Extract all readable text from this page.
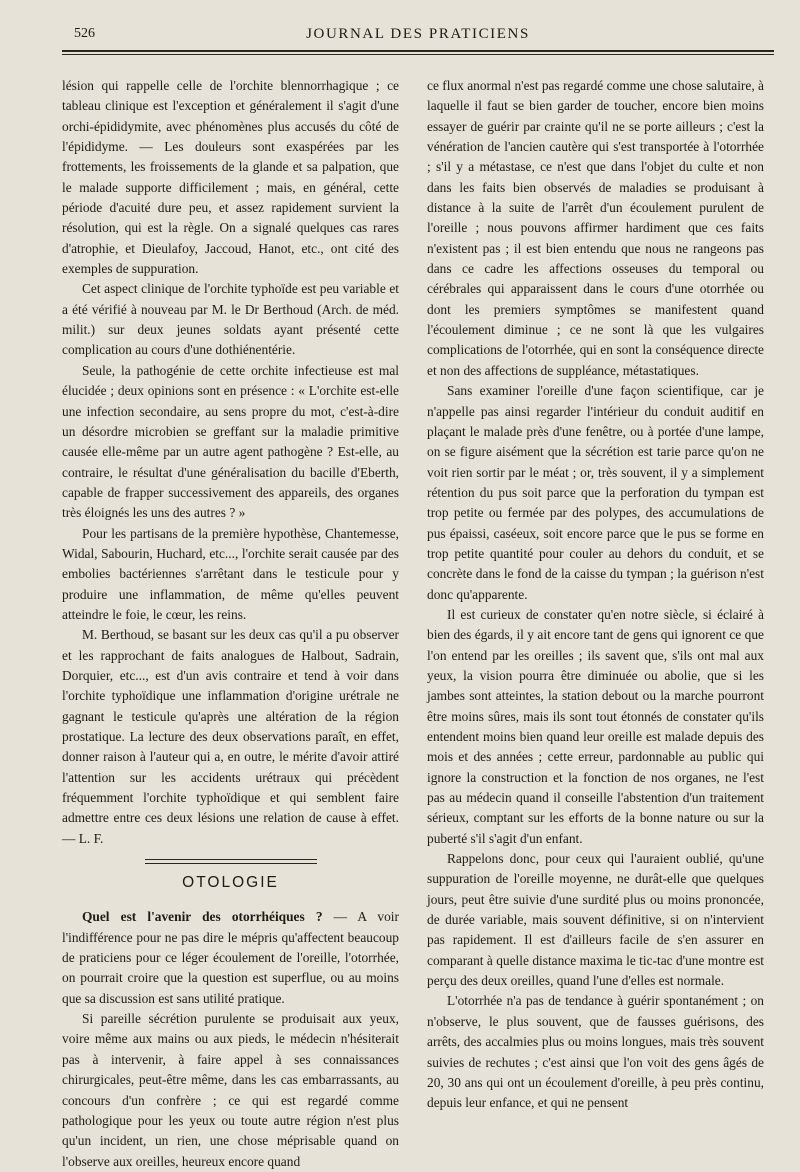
526	JOURNAL DES PRATICIENS

lésion qui rappelle celle de l'orchite blennorrhagique ; ce tableau clinique est l'exception et généralement il s'agit d'une orchi-épididymite, avec phénomènes plus accusés du côté de l'épididyme. — Les douleurs sont exaspérées par les frottements, les froissements de la glande et sa palpation, que le malade supporte difficilement ; mais, en général, cette période d'acuité dure peu, et assez rapidement survient la résolution, qui est la règle. On a signalé quelques cas rares d'atrophie, et Dieulafoy, Jaccoud, Hanot, etc., ont cité des exemples de suppuration.

Cet aspect clinique de l'orchite typhoïde est peu variable et a été vérifié à nouveau par M. le Dr Berthoud (Arch. de méd. milit.) sur deux jeunes soldats ayant présenté cette complication au cours d'une dothiénentérie.

Seule, la pathogénie de cette orchite infectieuse est mal élucidée ; deux opinions sont en présence : « L'orchite est-elle une infection secondaire, au sens propre du mot, c'est-à-dire un désordre microbien se greffant sur la maladie primitive causée elle-même par un autre agent pathogène ? Est-elle, au contraire, le résultat d'une généralisation du bacille d'Eberth, capable de frapper successivement des appareils, des organes très éloignés les uns des autres ? »

Pour les partisans de la première hypothèse, Chantemesse, Widal, Sabourin, Huchard, etc..., l'orchite serait causée par des embolies bactériennes s'arrêtant dans le testicule pour y produire une inflammation, de même qu'elles peuvent atteindre le foie, le cœur, les reins.

M. Berthoud, se basant sur les deux cas qu'il a pu observer et les rapprochant de faits analogues de Halbout, Sadrain, Dorquier, etc..., est d'un avis contraire et tend à voir dans l'orchite typhoïdique une inflammation d'origine urétrale ne gagnant le testicule qu'après une altération de la région prostatique. La lecture des deux observations paraît, en effet, donner raison à l'auteur qui a, en outre, le mérite d'avoir attiré l'attention sur les accidents urétraux qui précèdent fréquemment l'orchite typhoïdique et qui semblent faire admettre entre ces deux lésions une relation de cause à effet. — L. F.

OTOLOGIE

Quel est l'avenir des otorrhéiques ? — A voir l'indifférence pour ne pas dire le mépris qu'affectent beaucoup de praticiens pour ce léger écoulement de l'oreille, l'otorrhée, on pourrait croire que la question est superflue, ou au moins que sa discussion est sans utilité pratique.

Si pareille sécrétion purulente se produisait aux yeux, voire même aux mains ou aux pieds, le médecin n'hésiterait pas à intervenir, à faire appel à ses connaissances chirurgicales, peut-être même, dans les cas embarrassants, au concours d'un confrère ; ce qui est regardé comme pathologique pour les yeux ou toute autre région n'est plus qu'un incident, un rien, une chose méprisable quand on l'observe aux oreilles, heureux encore quand

ce flux anormal n'est pas regardé comme une chose salutaire, à laquelle il faut se bien garder de toucher, encore bien moins essayer de guérir par crainte qu'il ne se porte ailleurs ; c'est la vénération de l'ancien cautère qui s'est transportée à l'otorrhée ; s'il y a métastase, ce n'est que dans l'objet du culte et non dans les faits bien observés de maladies se produisant à distance à la suite de l'arrêt d'un écoulement purulent de l'oreille ; nous pouvons affirmer hardiment que ces faits n'existent pas ; il est bien entendu que nous ne rangeons pas dans ce cadre les affections osseuses du temporal ou cérébrales qui apparaissent dans le cours d'une otorrhée ou dont les premiers symptômes se manifestent quand l'écoulement diminue ; ce ne sont là que les vulgaires complications de l'otorrhée, qui en sont la conséquence directe et non des affections de suppléance, métastatiques.

Sans examiner l'oreille d'une façon scientifique, car je n'appelle pas ainsi regarder l'intérieur du conduit auditif en plaçant le malade près d'une fenêtre, ou à portée d'une lampe, on se figure aisément que la sécrétion est tarie parce qu'on ne voit rien sortir par le méat ; or, très souvent, il y a simplement rétention du pus soit parce que la perforation du tympan est trop petite ou fermée par des polypes, des accumulations de pus épaissi, caséeux, soit encore parce que le pus se forme en trop petite quantité pour couler au dehors du conduit, et se concrète dans le fond de la caisse du tympan ; la guérison n'est donc qu'apparente.

Il est curieux de constater qu'en notre siècle, si éclairé à bien des égards, il y ait encore tant de gens qui ignorent ce que l'on entend par les oreilles ; ils savent que, s'ils ont mal aux yeux, la vision pourra être diminuée ou abolie, que si les jambes sont atteintes, la station debout ou la marche pourront être moins sûres, mais ils sont tout étonnés de constater qu'ils entendent moins bien quand leur oreille est malade depuis des mois et des années ; cette erreur, pardonnable au public qui ignore la construction et la fonction de nos organes, ne l'est pas au médecin quand il conseille l'abstention d'un traitement sérieux, comptant sur les efforts de la bonne nature ou sur la puberté s'il s'agit d'un enfant.

Rappelons donc, pour ceux qui l'auraient oublié, qu'une suppuration de l'oreille moyenne, ne durât-elle que quelques jours, peut être suivie d'une surdité plus ou moins prononcée, de durée variable, mais souvent définitive, si on n'intervient pas rapidement. Il est d'ailleurs facile de s'en assurer en comparant à quelle distance maxima le tic-tac d'une montre est perçu des deux oreilles, quand l'une d'elles est normale.

L'otorrhée n'a pas de tendance à guérir spontanément ; on n'observe, le plus souvent, que de fausses guérisons, des arrêts, des accalmies plus ou moins longues, mais très souvent suivies de rechutes ; c'est ainsi que l'on voit des gens âgés de 20, 30 ans qui ont un écoulement d'oreille, à peu près continu, depuis leur enfance, et qui ne pensent
